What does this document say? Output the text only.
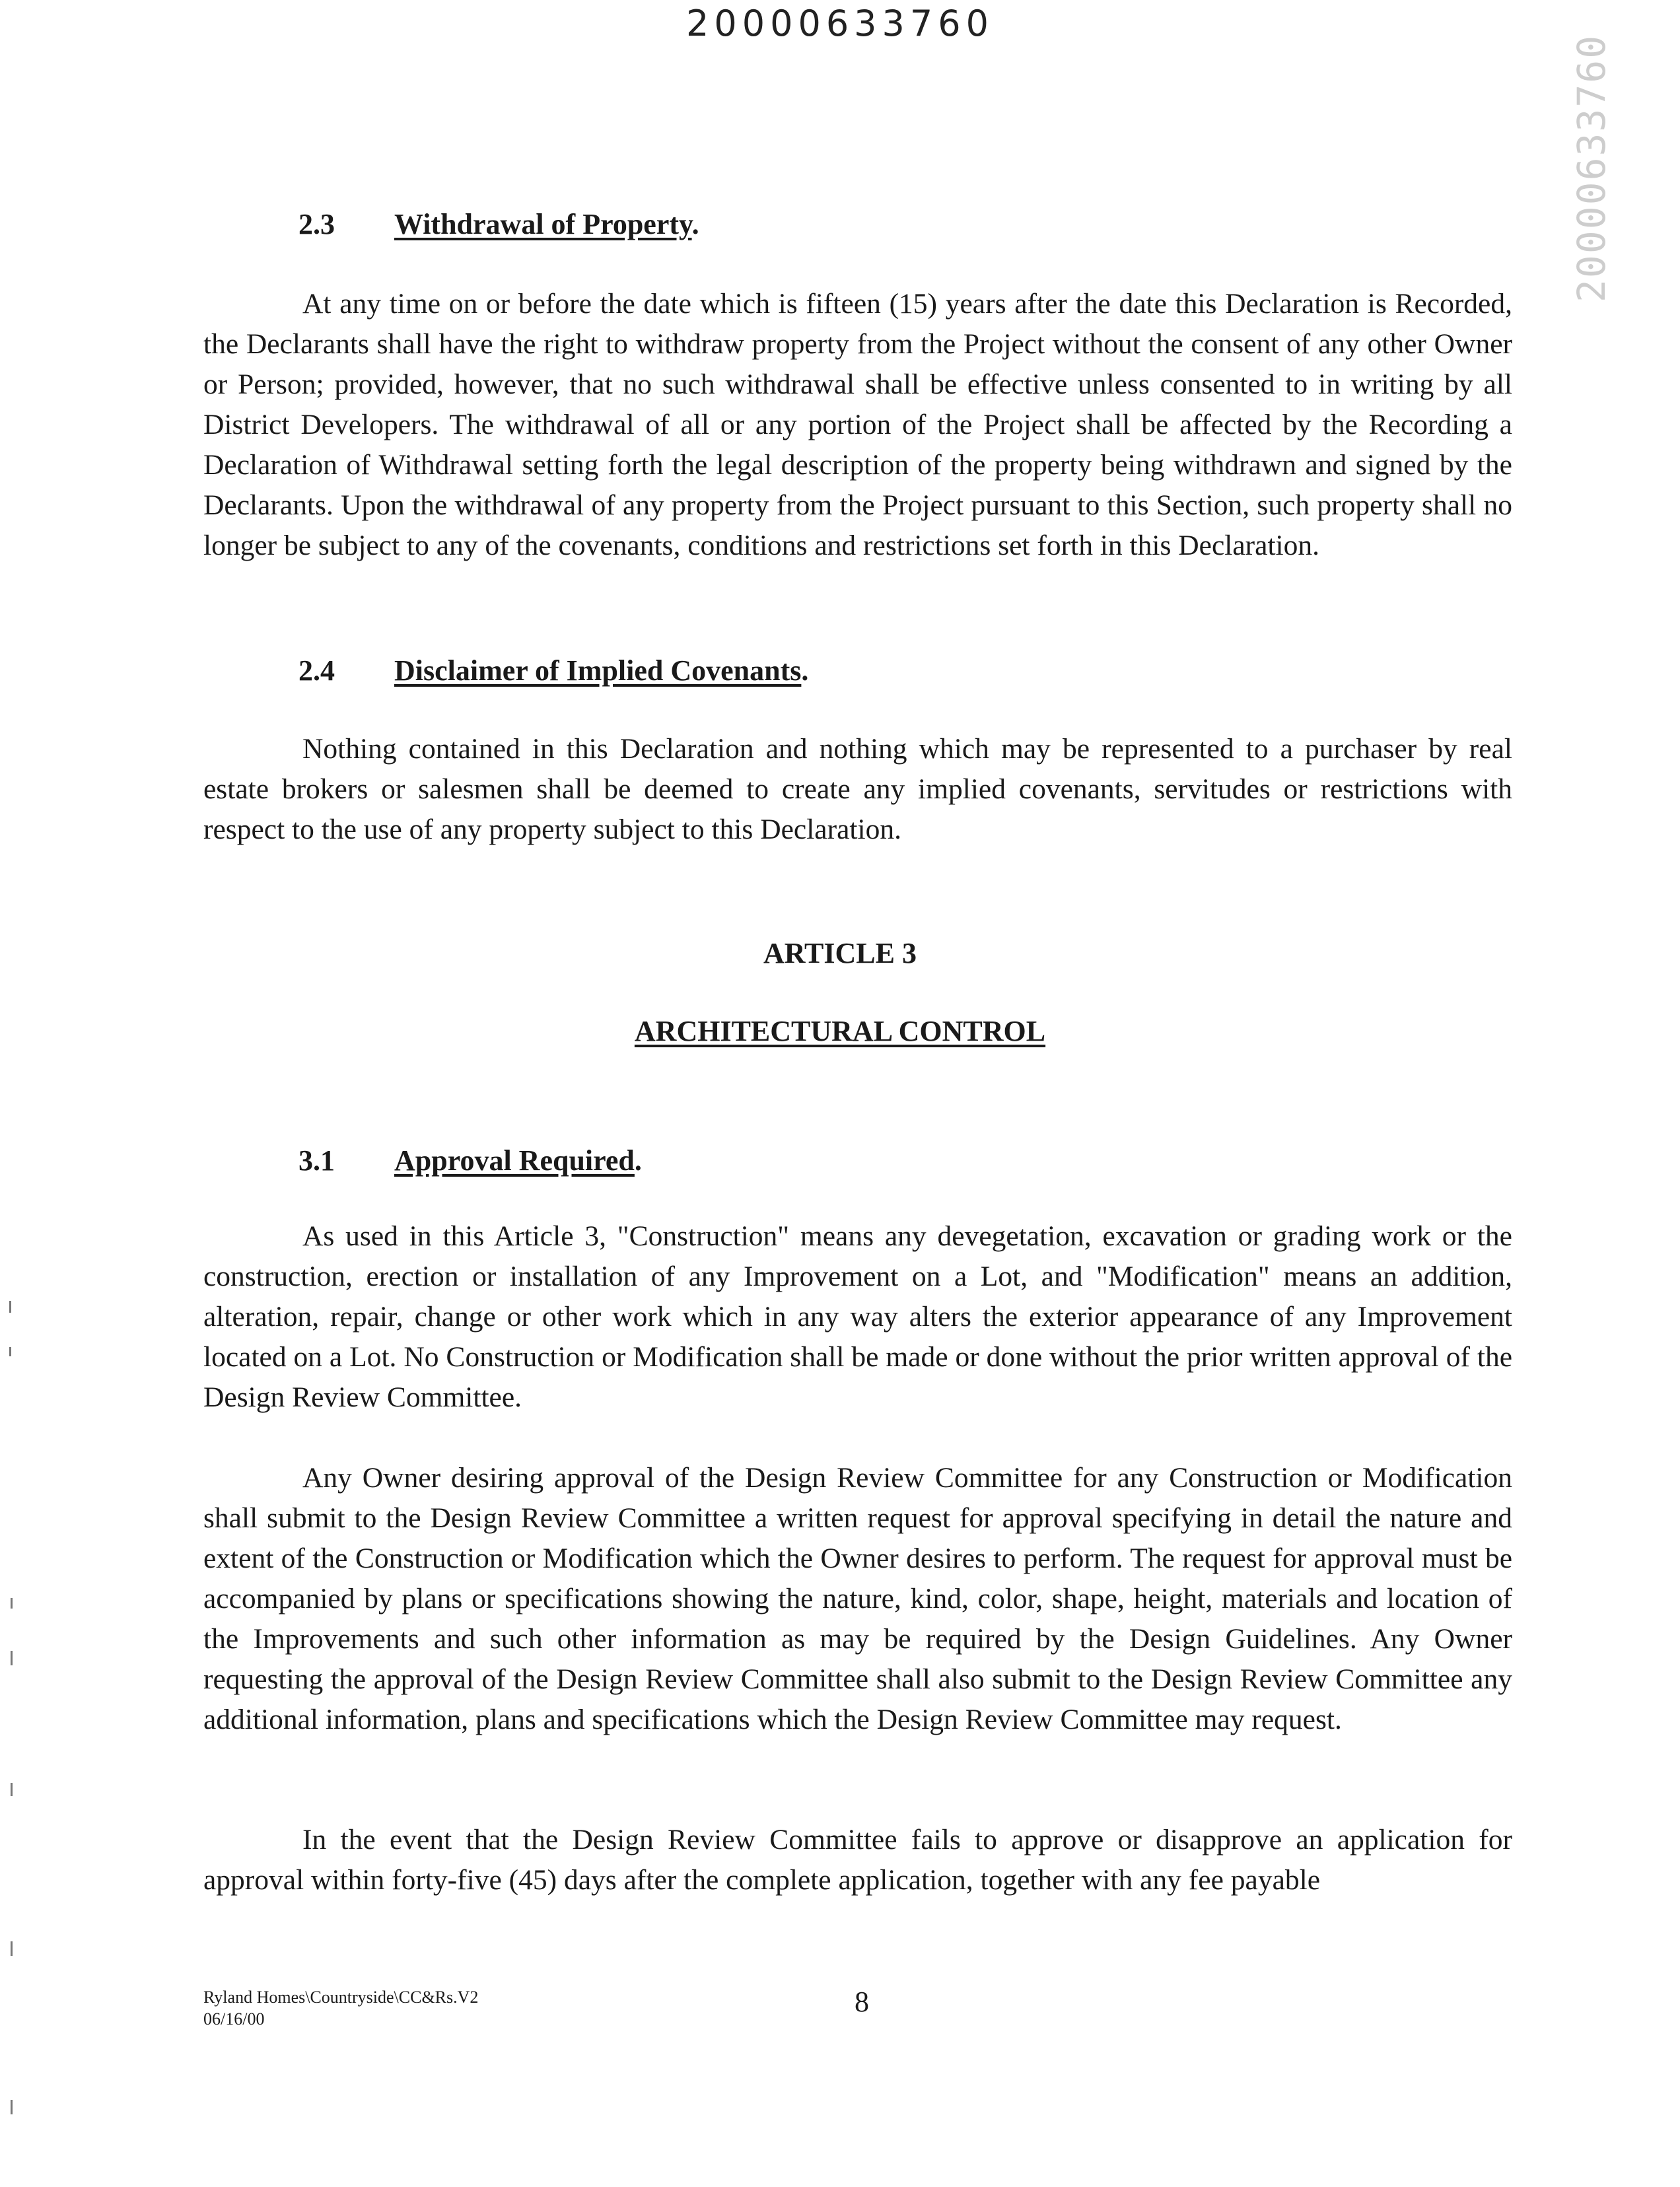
20000633760
20000633760
2.3 Withdrawal of Property.
At any time on or before the date which is fifteen (15) years after the date this Declaration is Recorded, the Declarants shall have the right to withdraw property from the Project without the consent of any other Owner or Person; provided, however, that no such withdrawal shall be effective unless consented to in writing by all District Developers. The withdrawal of all or any portion of the Project shall be affected by the Recording a Declaration of Withdrawal setting forth the legal description of the property being withdrawn and signed by the Declarants. Upon the withdrawal of any property from the Project pursuant to this Section, such property shall no longer be subject to any of the covenants, conditions and restrictions set forth in this Declaration.
2.4 Disclaimer of Implied Covenants.
Nothing contained in this Declaration and nothing which may be represented to a purchaser by real estate brokers or salesmen shall be deemed to create any implied covenants, servitudes or restrictions with respect to the use of any property subject to this Declaration.
ARTICLE 3
ARCHITECTURAL CONTROL
3.1 Approval Required.
As used in this Article 3, "Construction" means any devegetation, excavation or grading work or the construction, erection or installation of any Improvement on a Lot, and "Modification" means an addition, alteration, repair, change or other work which in any way alters the exterior appearance of any Improvement located on a Lot. No Construction or Modification shall be made or done without the prior written approval of the Design Review Committee.
Any Owner desiring approval of the Design Review Committee for any Construction or Modification shall submit to the Design Review Committee a written request for approval specifying in detail the nature and extent of the Construction or Modification which the Owner desires to perform. The request for approval must be accompanied by plans or specifications showing the nature, kind, color, shape, height, materials and location of the Improvements and such other information as may be required by the Design Guidelines. Any Owner requesting the approval of the Design Review Committee shall also submit to the Design Review Committee any additional information, plans and specifications which the Design Review Committee may request.
In the event that the Design Review Committee fails to approve or disapprove an application for approval within forty-five (45) days after the complete application, together with any fee payable
Ryland Homes\Countryside\CC&Rs.V2
06/16/00
8
